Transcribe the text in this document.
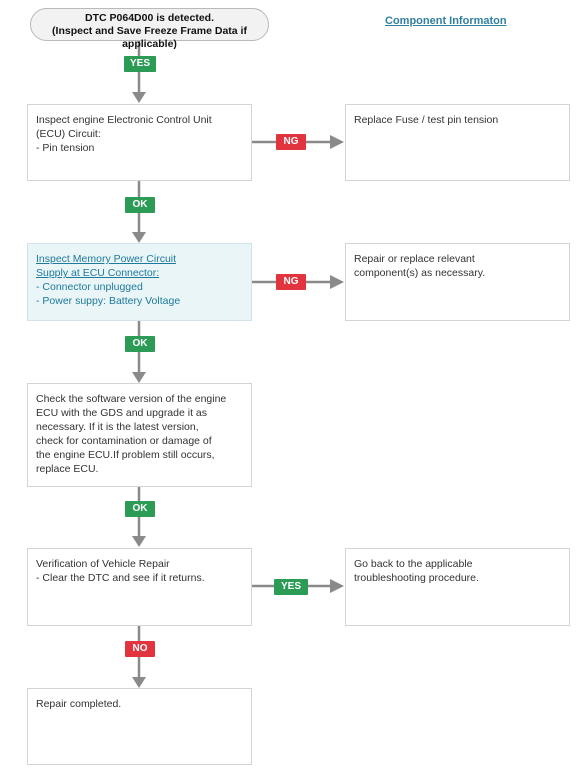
DTC P064D00 is detected.
(Inspect and Save Freeze Frame Data if applicable)
Component Informaton
YES
NG
OK
NG
OK
OK
YES
NO
Inspect engine Electronic Control Unit
(ECU) Circuit:
- Pin tension
Replace Fuse / test pin tension
Inspect Memory Power Circuit
Supply at ECU Connector:
- Connector unplugged
- Power suppy: Battery Voltage
Repair or replace relevant
component(s) as necessary.
Check the software version of the engine
ECU with the GDS and upgrade it as
necessary. If it is the latest version,
check for contamination or damage of
the engine ECU.If problem still occurs,
replace ECU.
Verification of Vehicle Repair
- Clear the DTC and see if it returns.
Go back to the applicable
troubleshooting procedure.
Repair completed.
